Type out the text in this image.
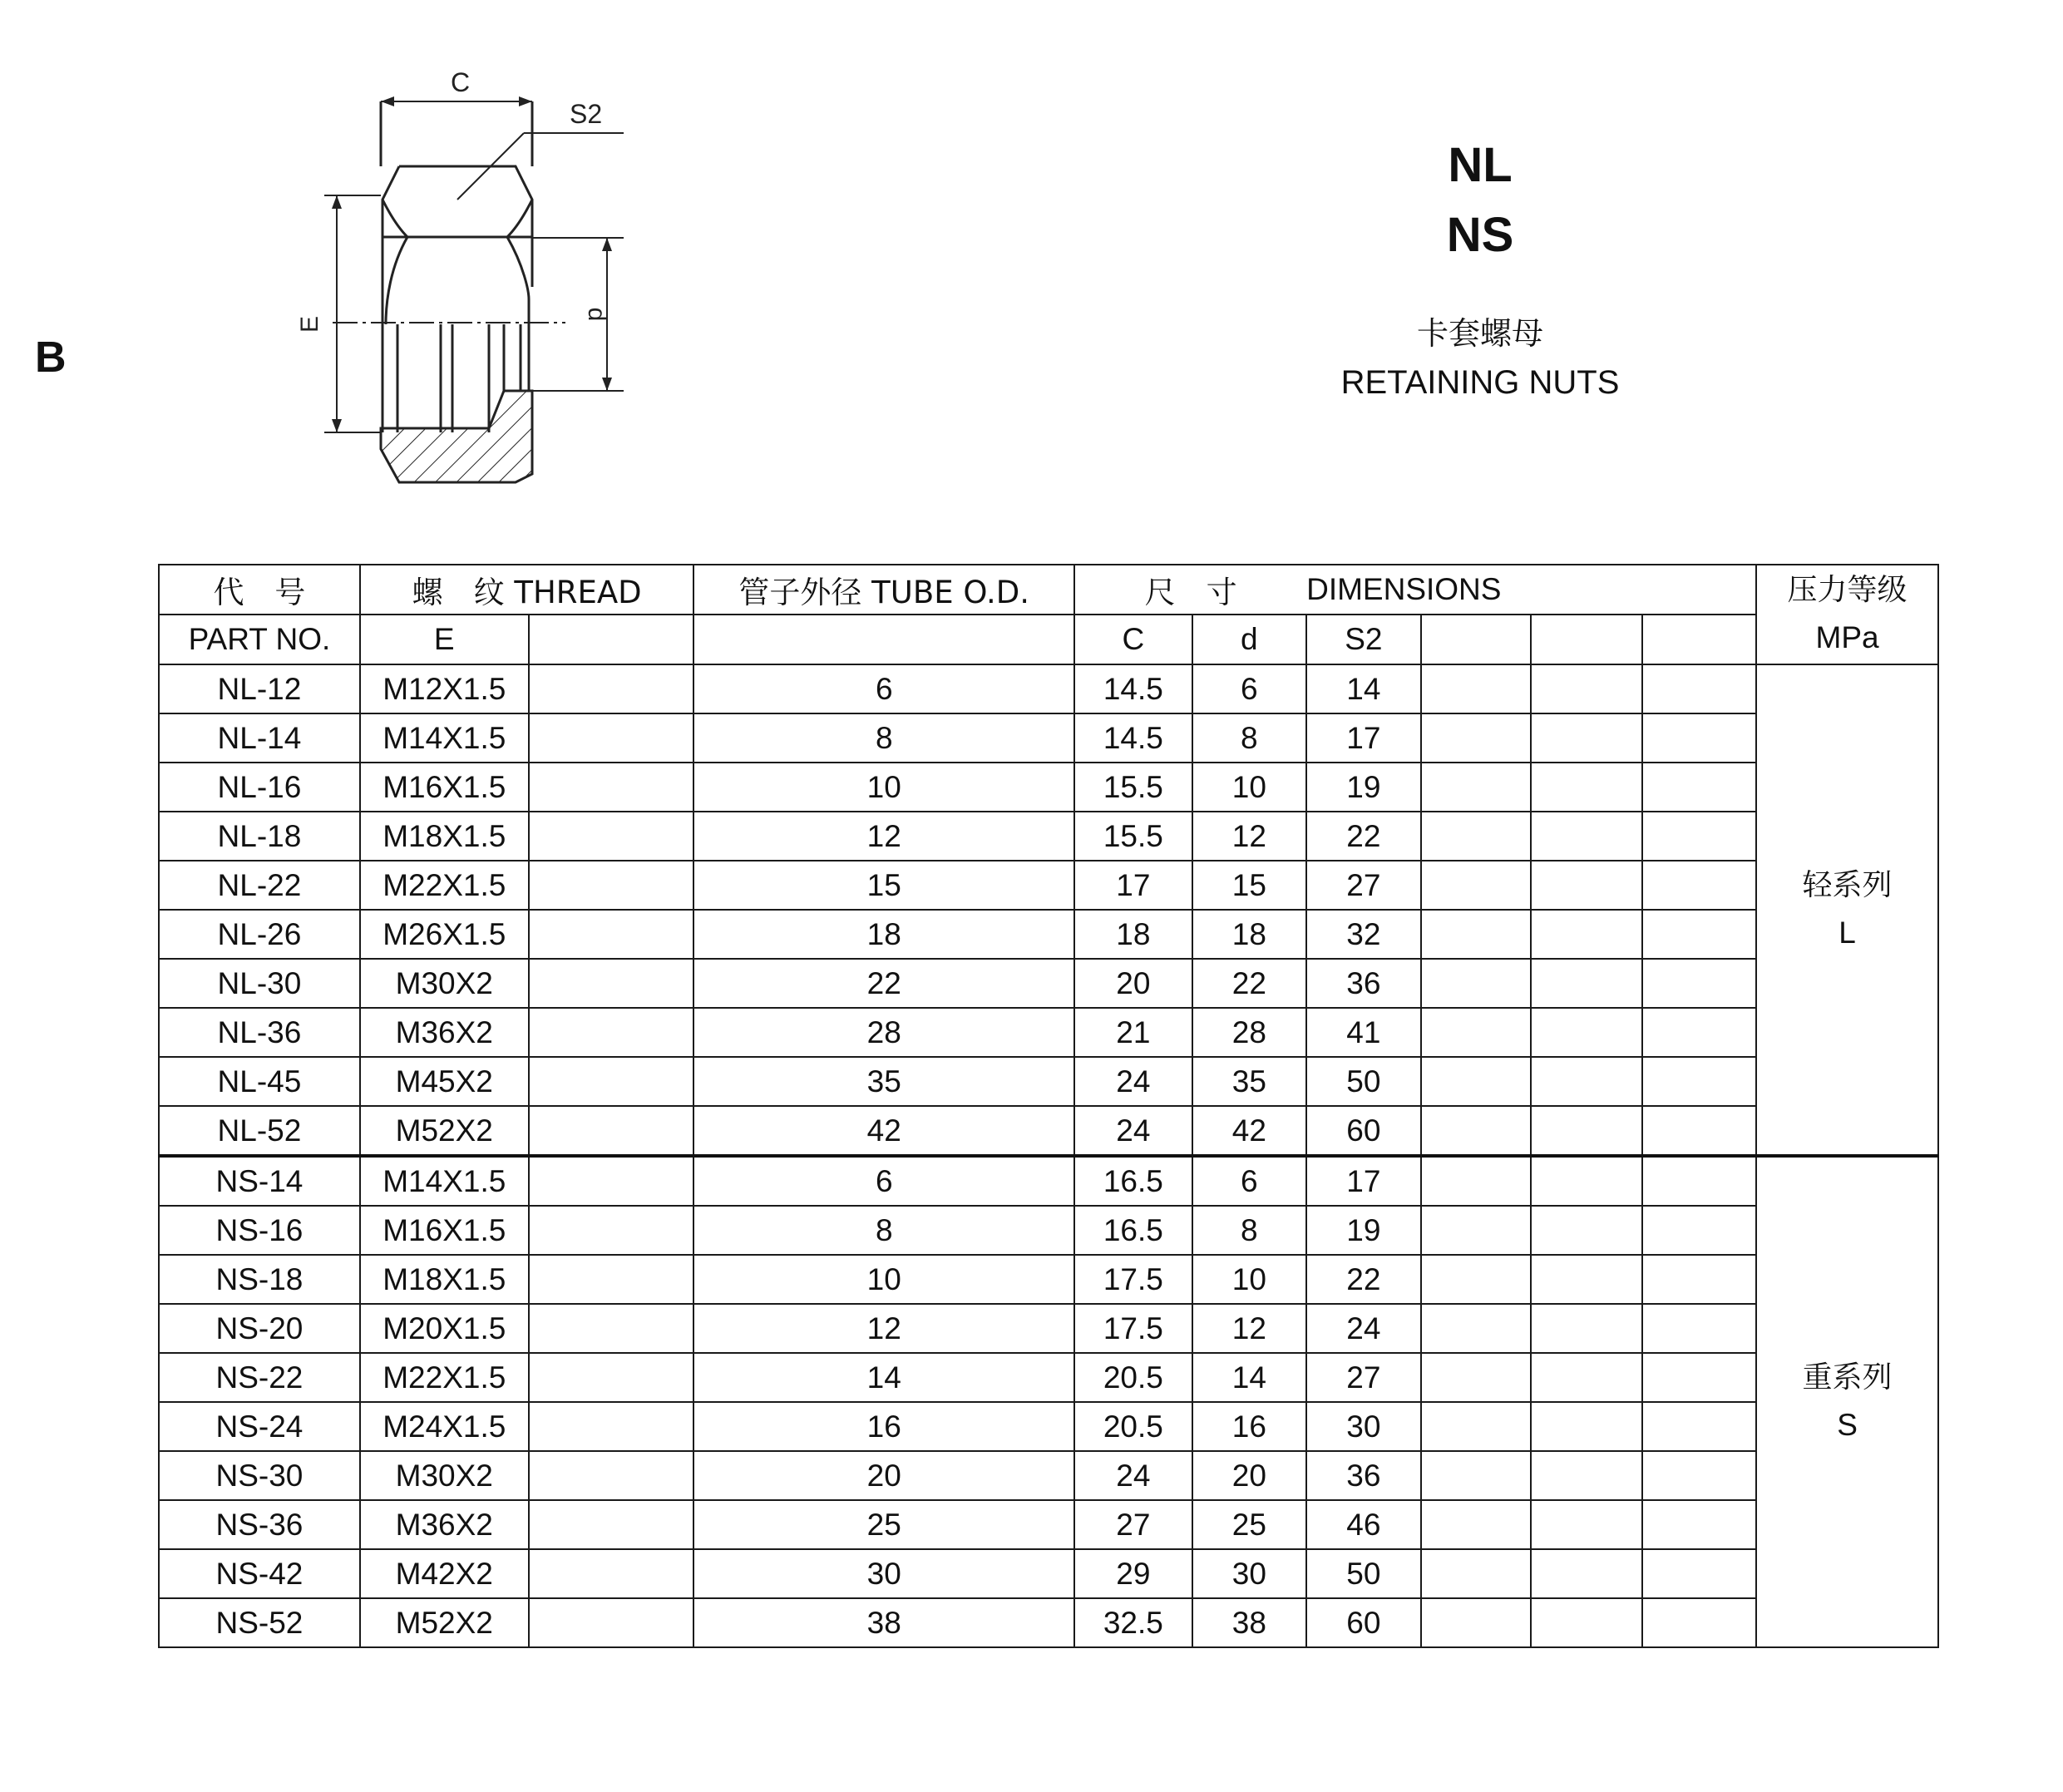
B
C
S2
E
d
NL
NS
卡套螺母
RETAINING NUTS
代　号	螺　纹 THREAD		管子外径 TUBE O.D.	尺　寸		DIMENSIONS				压力等级
MPa

PART NO.	E			C	d	S2				
NL-12	M12X1.5		6	14.5	6	14				轻系列
L

NL-14	M14X1.5		8	14.5	8	17				
NL-16	M16X1.5		10	15.5	10	19				
NL-18	M18X1.5		12	15.5	12	22				
NL-22	M22X1.5		15	17	15	27				
NL-26	M26X1.5		18	18	18	32				
NL-30	M30X2		22	20	22	36				
NL-36	M36X2		28	21	28	41				
NL-45	M45X2		35	24	35	50				
NL-52	M52X2		42	24	42	60				
NS-14	M14X1.5		6	16.5	6	17				重系列
S

NS-16	M16X1.5		8	16.5	8	19				
NS-18	M18X1.5		10	17.5	10	22				
NS-20	M20X1.5		12	17.5	12	24				
NS-22	M22X1.5		14	20.5	14	27				
NS-24	M24X1.5		16	20.5	16	30				
NS-30	M30X2		20	24	20	36				
NS-36	M36X2		25	27	25	46				
NS-42	M42X2		30	29	30	50				
NS-52	M52X2		38	32.5	38	60				
